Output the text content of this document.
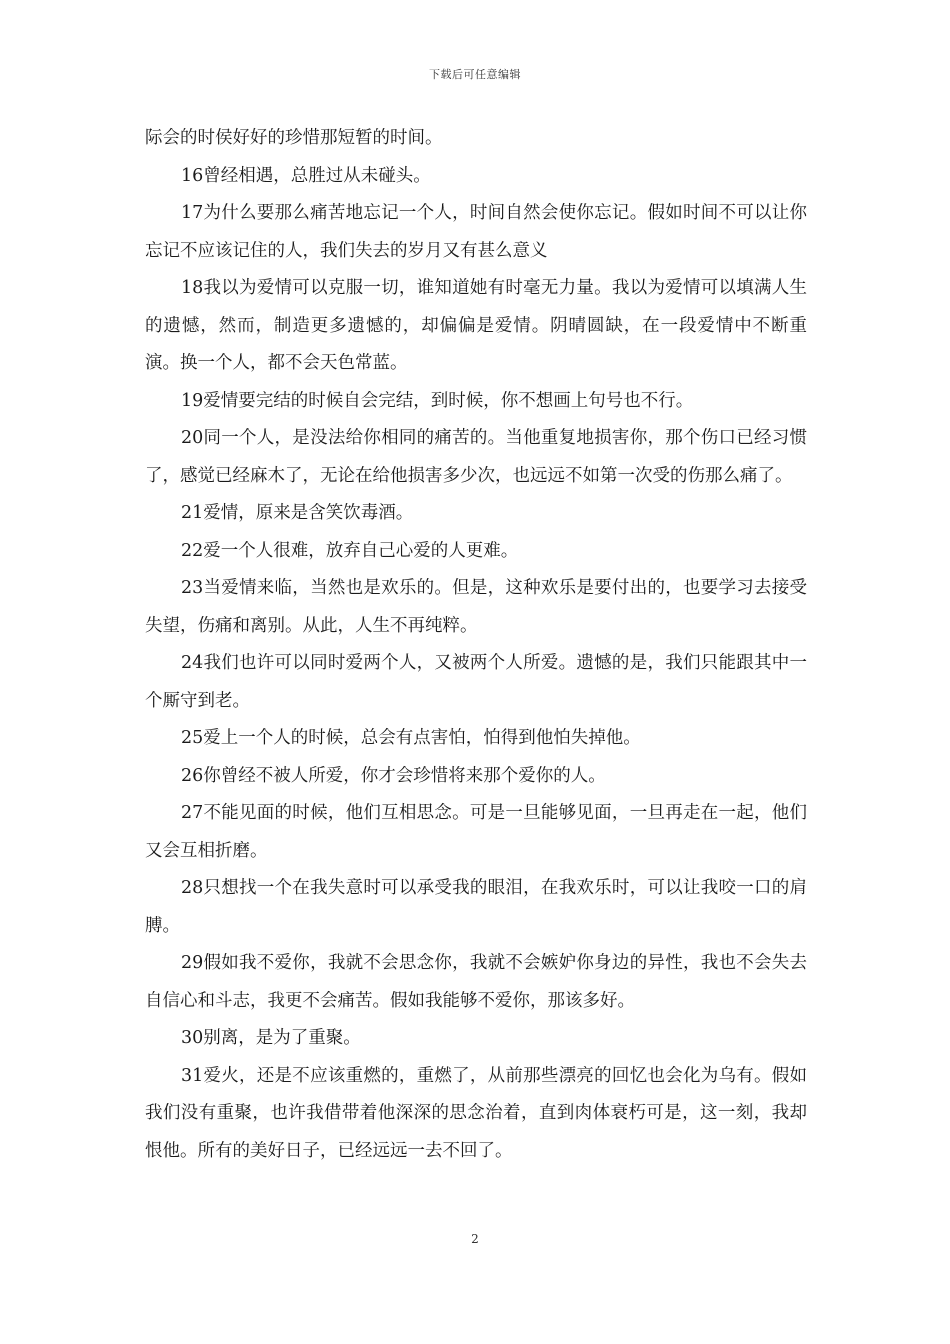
下载后可任意编辑

际会的时侯好好的珍惜那短暂的时间。

16曾经相遇，总胜过从未碰头。

17为什么要那么痛苦地忘记一个人，时间自然会使你忘记。假如时间不可以让你忘记不应该记住的人，我们失去的岁月又有甚么意义

18我以为爱情可以克服一切，谁知道她有时毫无力量。我以为爱情可以填满人生的遗憾，然而，制造更多遗憾的，却偏偏是爱情。阴晴圆缺，在一段爱情中不断重演。换一个人，都不会天色常蓝。

19爱情要完结的时候自会完结，到时候，你不想画上句号也不行。

20同一个人，是没法给你相同的痛苦的。当他重复地损害你，那个伤口已经习惯了，感觉已经麻木了，无论在给他损害多少次，也远远不如第一次受的伤那么痛了。

21爱情，原来是含笑饮毒酒。

22爱一个人很难，放弃自己心爱的人更难。

23当爱情来临，当然也是欢乐的。但是，这种欢乐是要付出的，也要学习去接受失望，伤痛和离别。从此，人生不再纯粹。

24我们也许可以同时爱两个人，又被两个人所爱。遗憾的是，我们只能跟其中一个厮守到老。

25爱上一个人的时候，总会有点害怕，怕得到他怕失掉他。

26你曾经不被人所爱，你才会珍惜将来那个爱你的人。

27不能见面的时候，他们互相思念。可是一旦能够见面，一旦再走在一起，他们又会互相折磨。

28只想找一个在我失意时可以承受我的眼泪，在我欢乐时，可以让我咬一口的肩膊。

29假如我不爱你，我就不会思念你，我就不会嫉妒你身边的异性，我也不会失去自信心和斗志，我更不会痛苦。假如我能够不爱你，那该多好。

30别离，是为了重聚。

31爱火，还是不应该重燃的，重燃了，从前那些漂亮的回忆也会化为乌有。假如我们没有重聚，也许我借带着他深深的思念治着，直到肉体衰朽可是，这一刻，我却恨他。所有的美好日子，已经远远一去不回了。

2
